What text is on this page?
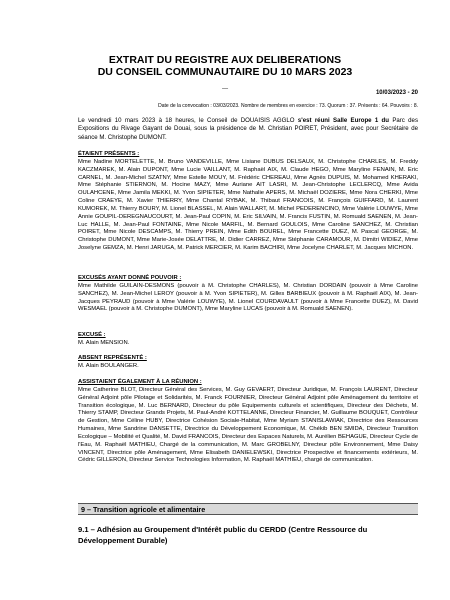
EXTRAIT DU REGISTRE AUX DELIBERATIONS
DU CONSEIL COMMUNAUTAIRE DU 10 MARS 2023
_
10/03/2023 - 20
Date de la convocation : 03/03/2023. Nombre de membres en exercice : 73. Quorum : 37. Présents : 64. Pouvoirs : 8.
Le vendredi 10 mars 2023 à 18 heures, le Conseil de DOUAISIS AGGLO s'est réuni Salle Europe 1 du Parc des Expositions du Rivage Gayant de Douai, sous la présidence de M. Christian POIRET, Président, avec pour Secrétaire de séance M. Christophe DUMONT.
ÉTAIENT PRÉSENTS :
Mme Nadine MORTELETTE, M. Bruno VANDEVILLE, Mme Lisiane DUBUS DELSAUX, M. Christophe CHARLES, M. Freddy KACZMAREK, M. Alain DUPONT, Mme Lucie VAILLANT, M. Raphaël AIX, M. Claude HEGO, Mme Maryline FENAIN, M. Eric CARNEL, M. Jean-Michel SZATNY, Mme Estelle MOUY, M. Frédéric CHEREAU, Mme Agnès DUPUIS, M. Mohamed KHERAKI, Mme Stéphanie STIERNON, M. Hocine MAZY, Mme Auriane AIT LASRI, M. Jean-Christophe LECLERCQ, Mme Avida OULAHCENE, Mme Jamila MEKKI, M. Yvon SIPIETER, Mme Nathalie APERS, M. Michaël DOZIERE, Mme Nora CHERKI, Mme Coline CRAEYE, M. Xavier THIERRY, Mme Chantal RYBAK, M. Thibaut FRANCOIS, M. François GUIFFARD, M. Laurent KUMOREK, M. Thierry BOURY, M. Lionel BLASSEL, M. Alain WALLART, M. Michel PEDERENCINO, Mme Valérie LOUWYE, Mme Annie GOUPIL-DEREGNAUCOURT, M. Jean-Paul COPIN, M. Eric SILVAIN, M. Francis FUSTIN, M. Romuald SAENEN, M. Jean-Luc HALLE, M. Jean-Paul FONTAINE, Mme Nicole MARFIL, M. Bernard GOULOIS, Mme Caroline SANCHEZ, M. Christian POIRET, Mme Nicole DESCAMPS, M. Thierry PREIN, Mme Edith BOUREL, Mme Francette DUEZ, M. Pascal GEORGE, M. Christophe DUMONT, Mme Marie-Josée DELATTRE, M. Didier CARREZ, Mme Stéphanie CARAMOUR, M. Dimitri WIDIEZ, Mme Joselyne GEMZA, M. Henri JARUGA, M. Patrick MERCIER, M. Karim BACHIRI, Mme Jocelyne CHARLET, M. Jacques MICHON.
EXCUSÉS AYANT DONNÉ POUVOIR :
Mme Mathilde GUILAIN-DESMONS (pouvoir à M. Christophe CHARLES), M. Christian DORDAIN (pouvoir à Mme Caroline SANCHEZ), M. Jean-Michel LEROY (pouvoir à M. Yvon SIPIETER), M. Gilles BARBIEUX (pouvoir à M. Raphaël AIX), M. Jean-Jacques PEYRAUD (pouvoir à Mme Valérie LOUWYE), M. Lionel COURDAVAULT (pouvoir à Mme Francette DUEZ), M. David WESMAEL (pouvoir à M. Christophe DUMONT), Mme Maryline LUCAS (pouvoir à M. Romuald SAENEN).
EXCUSÉ :
M. Alain MENSION.
ABSENT REPRÉSENTÉ :
M. Alain BOULANGER.
ASSISTAIENT ÉGALEMENT À LA RÉUNION :
Mme Catherine BLOT, Directeur Général des Services, M. Guy GEVAERT, Directeur Juridique, M. François LAURENT, Directeur Général Adjoint pôle Pilotage et Solidarités, M. Franck FOURNIER, Directeur Général Adjoint pôle Aménagement du territoire et Transition écologique, M. Luc BERNARD, Directeur du pôle Equipements culturels et scientifiques, Directeur des Déchets, M. Thierry STAMP, Directeur Grands Projets, M. Paul-André KOTTELANNE, Directeur Financier, M. Guillaume BOUQUET, Contrôleur de Gestion, Mme Céline HUBY, Directrice Cohésion Sociale-Habitat, Mme Myriam STANISLAWIAK, Directrice des Ressources Humaines, Mme Sandrine DANSETTE, Directrice du Développement Economique, M. Chékib BEN SMIDA, Directeur Transition Ecologique – Mobilité et Qualité, M. David FRANCOIS, Directeur des Espaces Naturels, M. Aurélien BEHAGUE, Directeur Cycle de l'Eau, M. Raphaël MATHIEU, Chargé de la communication, M. Marc GROBELNY, Directeur pôle Environnement, Mme Daisy VINCENT, Directrice pôle Aménagement, Mme Elisabeth DANIELEWSKI, Directrice Prospective et financements extérieurs, M. Cédric GILLERON, Directeur Service Technologies Information, M. Raphaël MATHIEU, chargé de communication.
9 – Transition agricole et alimentaire
9.1 – Adhésion au Groupement d'Intérêt public du CERDD (Centre Ressource du Développement Durable)
